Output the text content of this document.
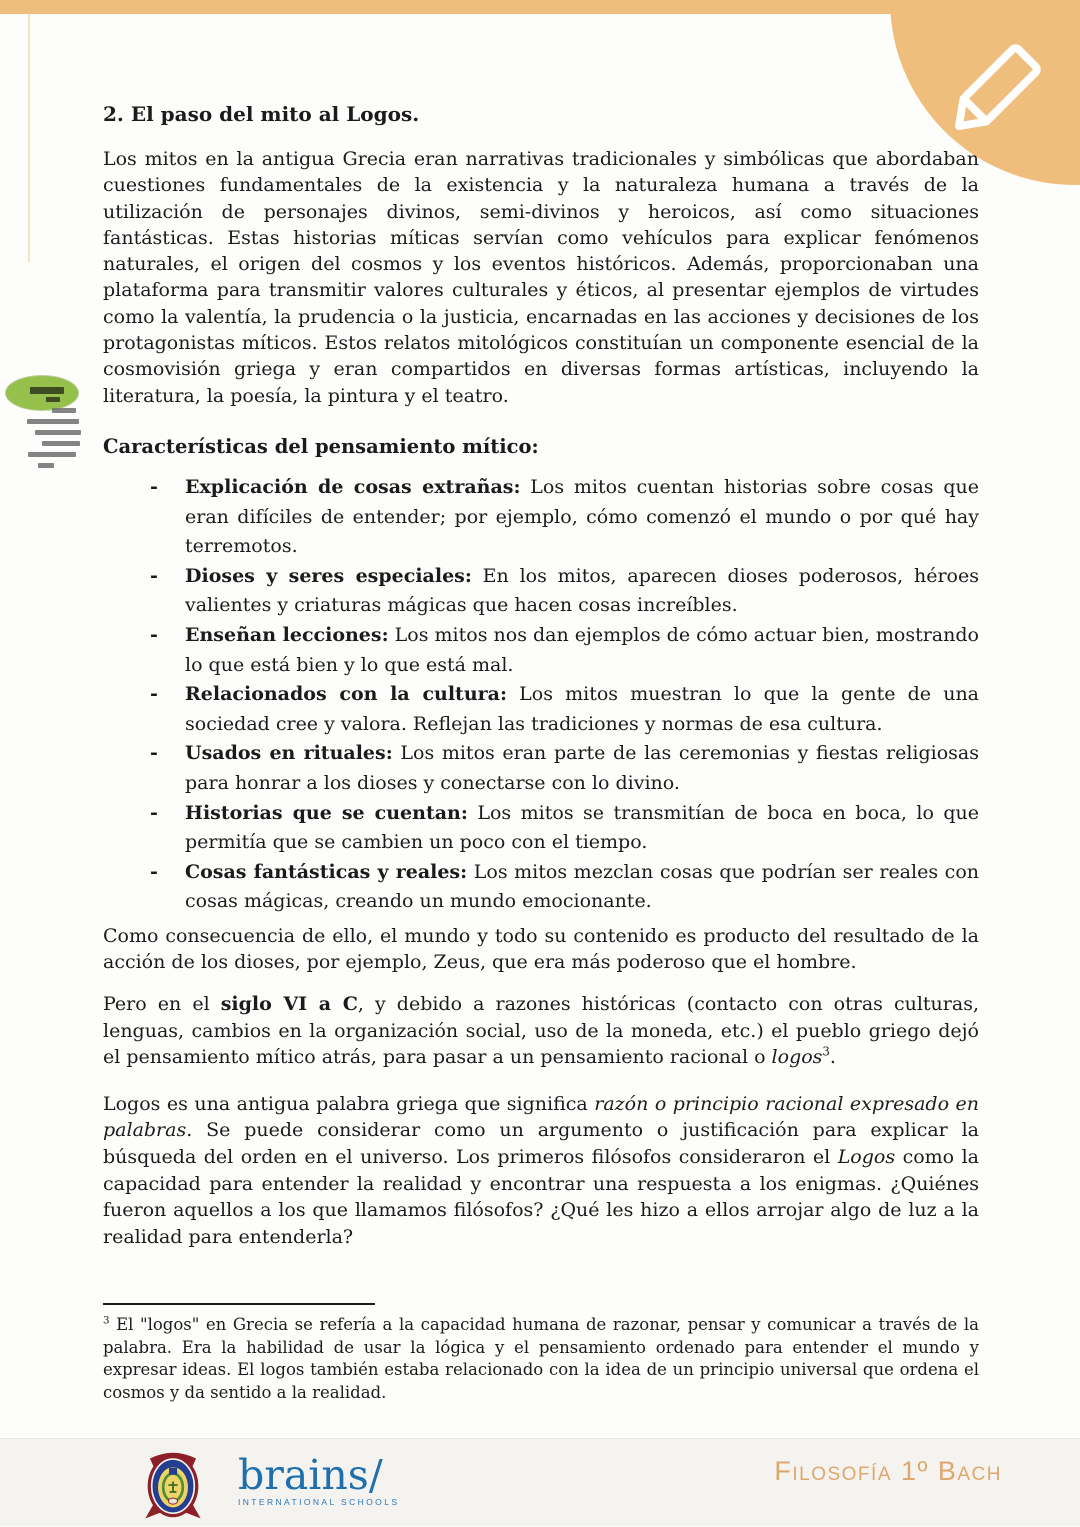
2. El paso del mito al Logos.

Los mitos en la antigua Grecia eran narrativas tradicionales y simbólicas que abordaban cuestiones fundamentales de la existencia y la naturaleza humana a través de la utilización de personajes divinos, semi-divinos y heroicos, así como situaciones fantásticas. Estas historias míticas servían como vehículos para explicar fenómenos naturales, el origen del cosmos y los eventos históricos. Además, proporcionaban una plataforma para transmitir valores culturales y éticos, al presentar ejemplos de virtudes como la valentía, la prudencia o la justicia, encarnadas en las acciones y decisiones de los protagonistas míticos. Estos relatos mitológicos constituían un componente esencial de la cosmovisión griega y eran compartidos en diversas formas artísticas, incluyendo la literatura, la poesía, la pintura y el teatro.

Características del pensamiento mítico:
-	Explicación de cosas extrañas: Los mitos cuentan historias sobre cosas que eran difíciles de entender; por ejemplo, cómo comenzó el mundo o por qué hay terremotos.
-	Dioses y seres especiales: En los mitos, aparecen dioses poderosos, héroes valientes y criaturas mágicas que hacen cosas increíbles.
-	Enseñan lecciones: Los mitos nos dan ejemplos de cómo actuar bien, mostrando lo que está bien y lo que está mal.
-	Relacionados con la cultura: Los mitos muestran lo que la gente de una sociedad cree y valora. Reflejan las tradiciones y normas de esa cultura.
-	Usados en rituales: Los mitos eran parte de las ceremonias y fiestas religiosas para honrar a los dioses y conectarse con lo divino.
-	Historias que se cuentan: Los mitos se transmitían de boca en boca, lo que permitía que se cambien un poco con el tiempo.
-	Cosas fantásticas y reales: Los mitos mezclan cosas que podrían ser reales con cosas mágicas, creando un mundo emocionante.

Como consecuencia de ello, el mundo y todo su contenido es producto del resultado de la acción de los dioses, por ejemplo, Zeus, que era más poderoso que el hombre.

Pero en el siglo VI a C, y debido a razones históricas (contacto con otras culturas, lenguas, cambios en la organización social, uso de la moneda, etc.) el pueblo griego dejó el pensamiento mítico atrás, para pasar a un pensamiento racional o logos$^3$.

Logos es una antigua palabra griega que significa razón o principio racional expresado en palabras. Se puede considerar como un argumento o justificación para explicar la búsqueda del orden en el universo. Los primeros filósofos consideraron el Logos como la capacidad para entender la realidad y encontrar una respuesta a los enigmas. ¿Quiénes fueron aquellos a los que llamamos filósofos? ¿Qué les hizo a ellos arrojar algo de luz a la realidad para entenderla?

$^3$ El "logos" en Grecia se refería a la capacidad humana de razonar, pensar y comunicar a través de la palabra. Era la habilidad de usar la lógica y el pensamiento ordenado para entender el mundo y expresar ideas. El logos también estaba relacionado con la idea de un principio universal que ordena el cosmos y da sentido a la realidad.

brains/
INTERNATIONAL SCHOOLS
Filosofía 1º Bach
